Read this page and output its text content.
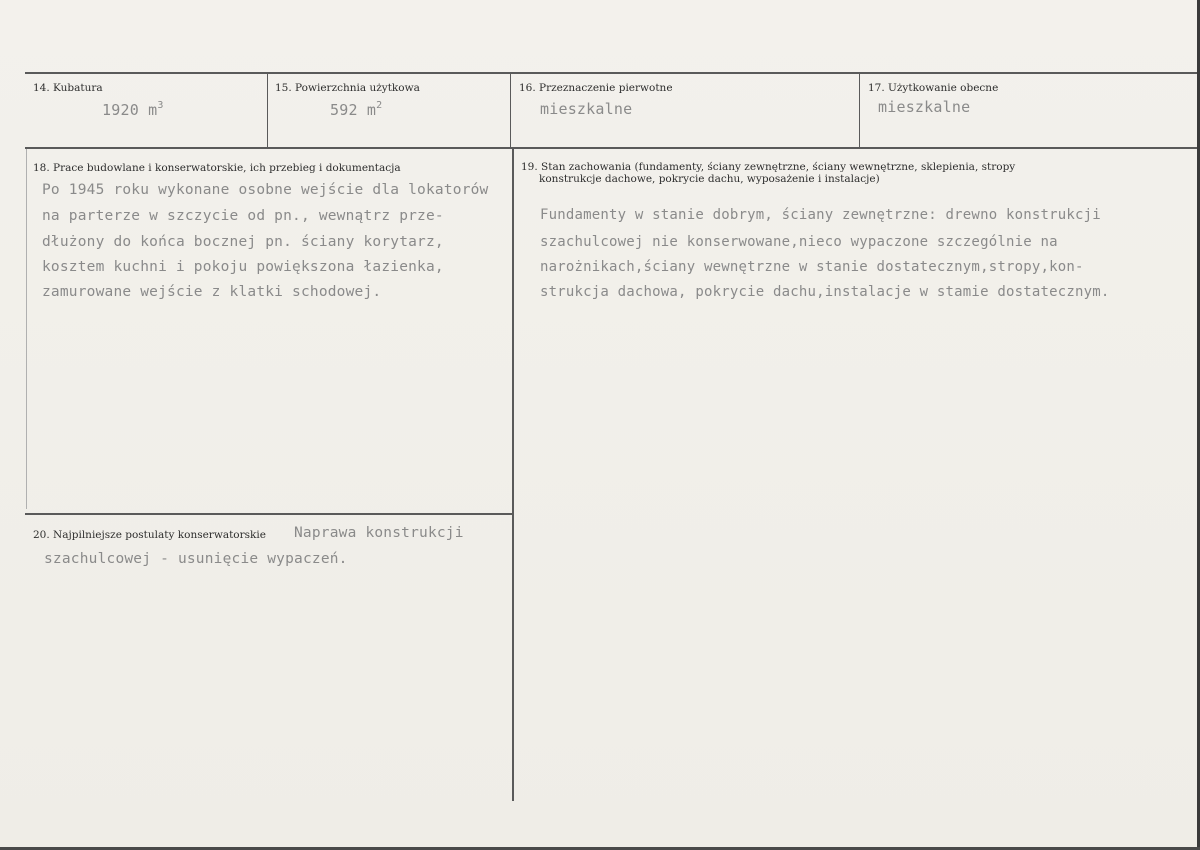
14. Kubatura
1920 $m^3$
15. Powierzchnia użytkowa
592 $m^2$
16. Przeznaczenie pierwotne
mieszkalne
17. Użytkowanie obecne
mieszkalne
18. Prace budowlane i konserwatorskie, ich przebieg i dokumentacja
Po 1945 roku wykonane osobne wejście dla lokatorów
na parterze w szczycie od pn., wewnątrz prze-
dłużony do końca bocznej pn. ściany korytarz,
kosztem kuchni i pokoju powiększona łazienka,
zamurowane wejście z klatki schodowej.
19. Stan zachowania (fundamenty, ściany zewnętrzne, ściany wewnętrzne, sklepienia, stropy
konstrukcje dachowe, pokrycie dachu, wyposażenie i instalacje)
Fundamenty w stanie dobrym, ściany zewnętrzne: drewno konstrukcji
szachulcowej nie konserwowane,nieco wypaczone szczególnie na
narożnikach,ściany wewnętrzne w stanie dostatecznym,stropy,kon-
strukcja dachowa, pokrycie dachu,instalacje w stamie dostatecznym.
20. Najpilniejsze postulaty konserwatorskie Naprawa konstrukcji
szachulcowej - usunięcie wypaczeń.
